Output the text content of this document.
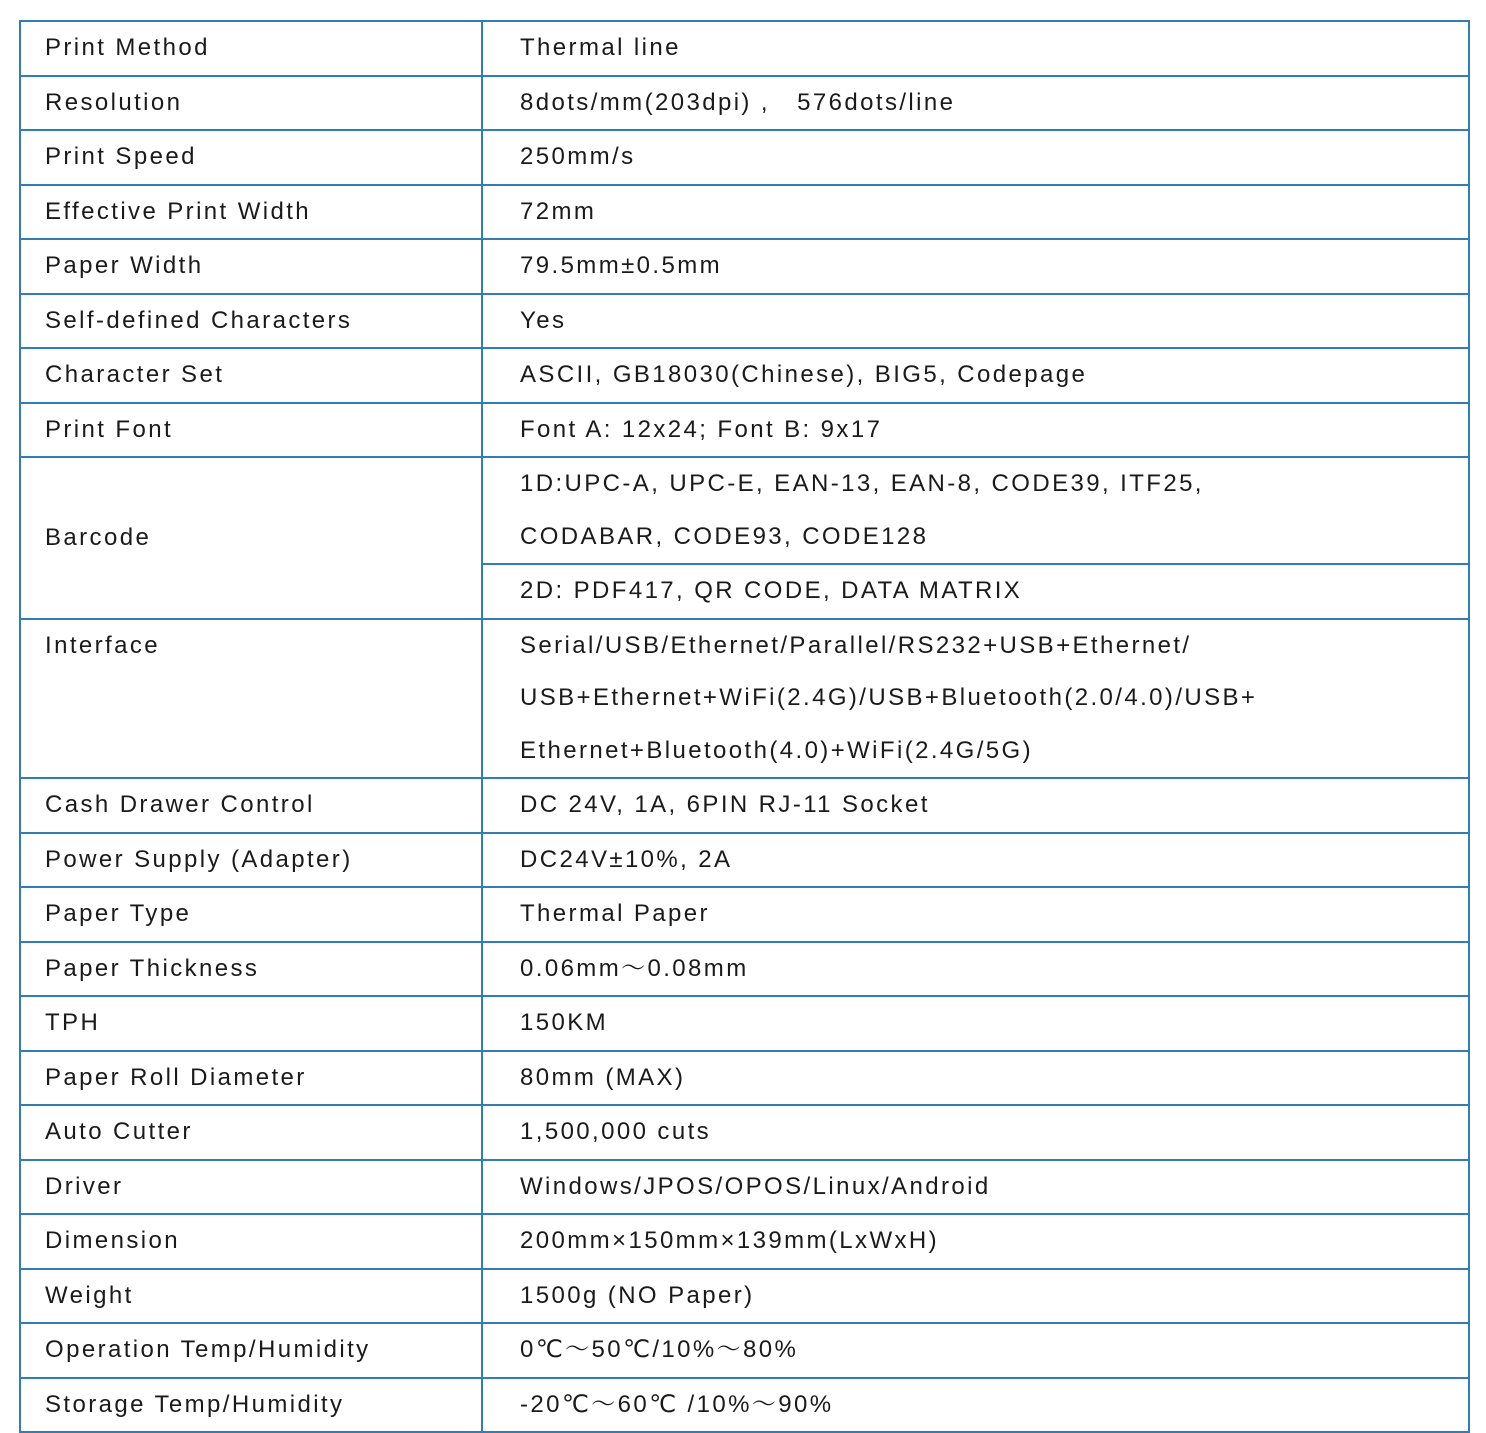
Print Method	Thermal line
Resolution	8dots/mm(203dpi) ,   576dots/line
Print Speed	250mm/s
Effective Print Width	72mm
Paper Width	79.5mm±0.5mm
Self-defined Characters	Yes
Character Set	ASCII, GB18030(Chinese), BIG5, Codepage
Print Font	Font A: 12x24; Font B: 9x17
Barcode	1D:UPC-A, UPC-E, EAN-13, EAN-8, CODE39, ITF25,
CODABAR, CODE93, CODE128

	2D: PDF417, QR CODE, DATA MATRIX
Interface	Serial/USB/Ethernet/Parallel/RS232+USB+Ethernet/
USB+Ethernet+WiFi(2.4G)/USB+Bluetooth(2.0/4.0)/USB+
Ethernet+Bluetooth(4.0)+WiFi(2.4G/5G)

Cash Drawer Control	DC 24V, 1A, 6PIN RJ-11 Socket
Power Supply (Adapter)	DC24V±10%, 2A
Paper Type	Thermal Paper
Paper Thickness	0.06mm～0.08mm
TPH	150KM
Paper Roll Diameter	80mm (MAX)
Auto Cutter	1,500,000 cuts
Driver	Windows/JPOS/OPOS/Linux/Android
Dimension	200mm×150mm×139mm(LxWxH)
Weight	1500g (NO Paper)
Operation Temp/Humidity	0℃～50℃/10%～80%
Storage Temp/Humidity	-20℃～60℃ /10%～90%
